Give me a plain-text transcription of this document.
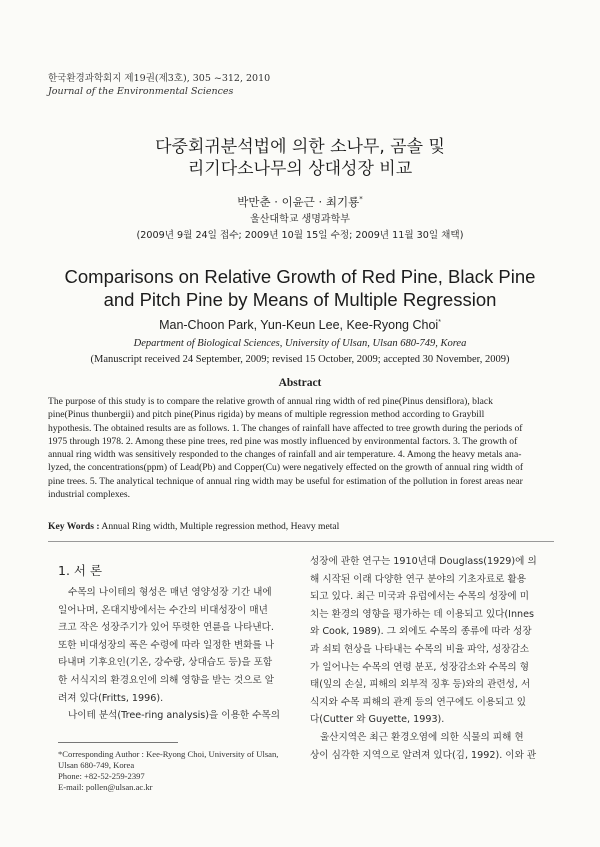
한국환경과학회지 제19권(제3호), 305 ~312, 2010
Journal of the Environmental Sciences
다중회귀분석법에 의한 소나무, 곰솔 및
리기다소나무의 상대성장 비교
박만춘 · 이윤근 · 최기룡*
울산대학교 생명과학부
(2009년 9월 24일 접수; 2009년 10월 15일 수정; 2009년 11월 30일 채택)
Comparisons on Relative Growth of Red Pine, Black Pine
and Pitch Pine by Means of Multiple Regression
Man-Choon Park, Yun-Keun Lee, Kee-Ryong Choi*
Department of Biological Sciences, University of Ulsan, Ulsan 680-749, Korea
(Manuscript received 24 September, 2009; revised 15 October, 2009; accepted 30 November, 2009)
Abstract
The purpose of this study is to compare the relative growth of annual ring width of red pine(Pinus densiflora), black
pine(Pinus thunbergii) and pitch pine(Pinus rigida) by means of multiple regression method according to Graybill
hypothesis. The obtained results are as follows. 1. The changes of rainfall have affected to tree growth during the periods of
1975 through 1978. 2. Among these pine trees, red pine was mostly influenced by environmental factors. 3. The growth of
annual ring width was sensitively responded to the changes of rainfall and air temperature. 4. Among the heavy metals ana-
lyzed, the concentrations(ppm) of Lead(Pb) and Copper(Cu) were negatively effected on the growth of annual ring width of
pine trees. 5. The analytical technique of annual ring width may be useful for estimation of the pollution in forest areas near
industrial complexes.
Key Words : Annual Ring width, Multiple regression method, Heavy metal
1. 서 론
수목의 나이테의 형성은 매년 영양성장 기간 내에
일어나며, 온대지방에서는 수간의 비대성장이 매년
크고 작은 성장주기가 있어 뚜렷한 연륜을 나타낸다.
또한 비대성장의 폭은 수령에 따라 일정한 변화를 나
타내며 기후요인(기온, 강수량, 상대습도 등)을 포함
한 서식지의 환경요인에 의해 영향을 받는 것으로 알
려져 있다(Fritts, 1996).
나이테 분석(Tree-ring analysis)을 이용한 수목의
*Corresponding Author : Kee-Ryong Choi, University of Ulsan,
Ulsan 680-749, Korea
Phone: +82-52-259-2397
E-mail: pollen@ulsan.ac.kr
성장에 관한 연구는 1910년대 Douglass(1929)에 의
해 시작된 이래 다양한 연구 분야의 기초자료로 활용
되고 있다. 최근 미국과 유럽에서는 수목의 성장에 미
치는 환경의 영향을 평가하는 데 이용되고 있다(Innes
와 Cook, 1989). 그 외에도 수목의 종류에 따라 성장
과 쇠퇴 현상을 나타내는 수목의 비율 파악, 성장감소
가 일어나는 수목의 연령 분포, 성장감소와 수목의 형
태(잎의 손실, 피해의 외부적 징후 등)와의 관련성, 서
식지와 수목 피해의 관계 등의 연구에도 이용되고 있
다(Cutter 와 Guyette, 1993).
울산지역은 최근 환경오염에 의한 식물의 피해 현
상이 심각한 지역으로 알려져 있다(김, 1992). 이와 관
